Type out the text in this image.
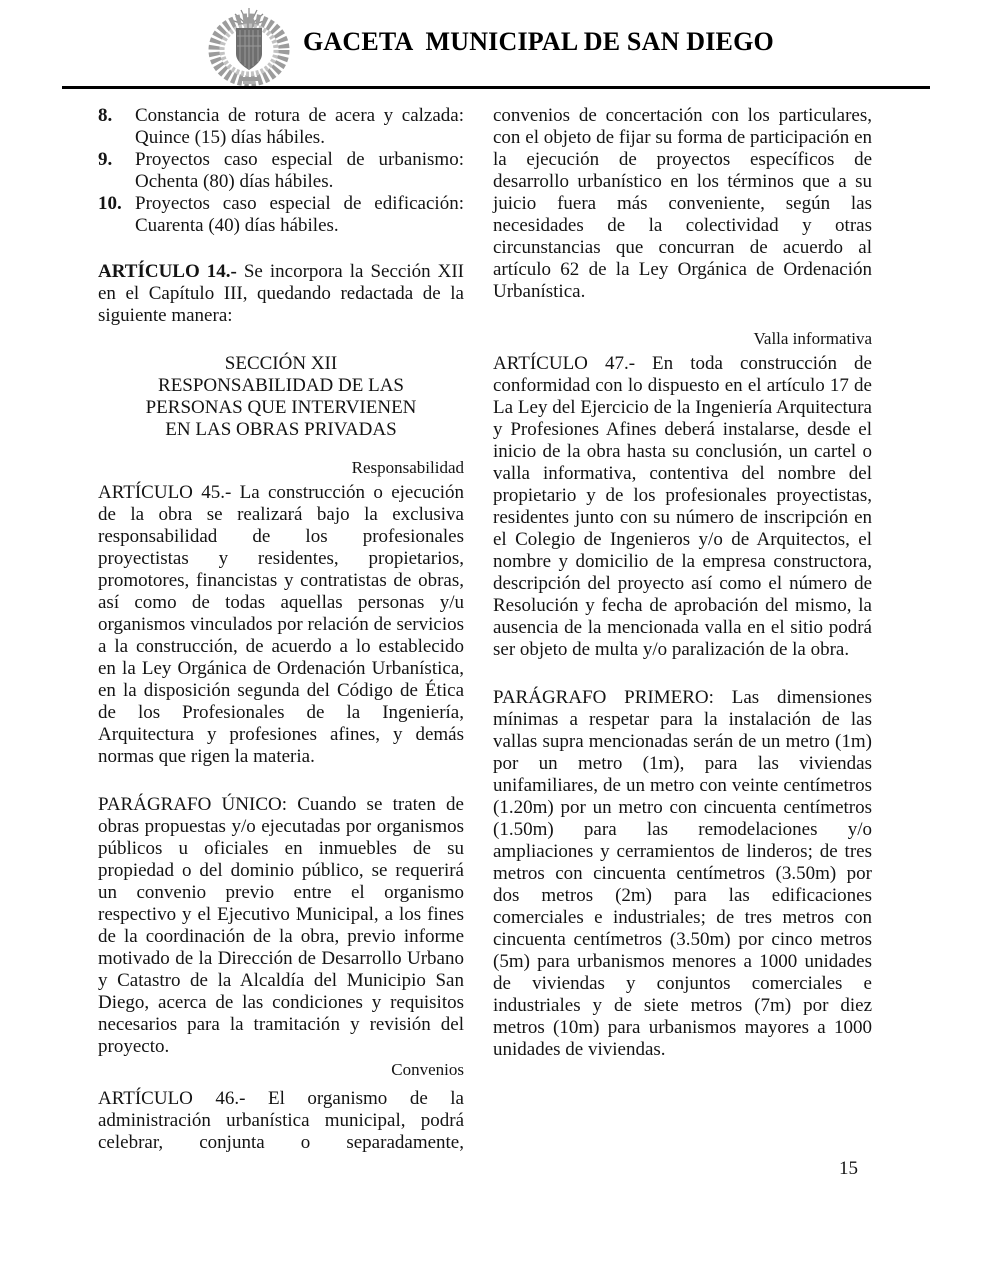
GACETA  MUNICIPAL DE SAN DIEGO
8. Constancia de rotura de acera y calzada: Quince (15) días hábiles.
9. Proyectos caso especial de urbanismo: Ochenta (80) días hábiles.
10. Proyectos caso especial de edificación: Cuarenta (40) días hábiles.

ARTÍCULO 14.- Se incorpora la Sección XII en el Capítulo III, quedando redactada de la siguiente manera:

SECCIÓN XII
RESPONSABILIDAD DE LAS
PERSONAS QUE INTERVIENEN
EN LAS OBRAS PRIVADAS
Responsabilidad

ARTÍCULO 45.- La construcción o ejecución de la obra se realizará bajo la exclusiva responsabilidad de los profesionales proyectistas y residentes, propietarios, promotores, financistas y contratistas de obras, así como de todas aquellas personas y/u organismos vinculados por relación de servicios a la construcción, de acuerdo a lo establecido en la Ley Orgánica de Ordenación Urbanística, en la disposición segunda del Código de Ética de los Profesionales de la Ingeniería, Arquitectura y profesiones afines, y demás normas que rigen la materia.

PARÁGRAFO ÚNICO: Cuando se traten de obras propuestas y/o ejecutadas por organismos públicos u oficiales en inmuebles de su propiedad o del dominio público, se requerirá un convenio previo entre el organismo respectivo y el Ejecutivo Municipal, a los fines de la coordinación de la obra, previo informe motivado de la Dirección de Desarrollo Urbano y Catastro de la Alcaldía del Municipio San Diego, acerca de las condiciones y requisitos necesarios para la tramitación y revisión del proyecto.

Convenios

ARTÍCULO 46.- El organismo de la administración urbanística municipal, podrá celebrar, conjunta o separadamente,

convenios de concertación con los particulares, con el objeto de fijar su forma de participación en la ejecución de proyectos específicos de desarrollo urbanístico en los términos que a su juicio fuera más conveniente, según las necesidades de la colectividad y otras circunstancias que concurran de acuerdo al artículo 62 de la Ley Orgánica de Ordenación Urbanística.

Valla informativa

ARTÍCULO 47.- En toda construcción de conformidad con lo dispuesto en el artículo 17 de La Ley del Ejercicio de la Ingeniería Arquitectura y Profesiones Afines deberá instalarse, desde el inicio de la obra hasta su conclusión, un cartel o valla informativa, contentiva del nombre del propietario y de los profesionales proyectistas, residentes junto con su número de inscripción en el Colegio de Ingenieros y/o de Arquitectos, el nombre y domicilio de la empresa constructora, descripción del proyecto así como el número de Resolución y fecha de aprobación del mismo, la ausencia de la mencionada valla en el sitio podrá ser objeto de multa y/o paralización de la obra.

PARÁGRAFO PRIMERO: Las dimensiones mínimas a respetar para la instalación de las vallas supra mencionadas serán de un metro (1m) por un metro (1m), para las viviendas unifamiliares, de un metro con veinte centímetros (1.20m) por un metro con cincuenta centímetros (1.50m) para las remodelaciones y/o ampliaciones y cerramientos de linderos; de tres metros con cincuenta centímetros (3.50m) por dos metros (2m) para las edificaciones comerciales e industriales; de tres metros con cincuenta centímetros (3.50m) por cinco metros (5m) para urbanismos menores a 1000 unidades de viviendas y conjuntos comerciales e industriales y de siete metros (7m) por diez metros (10m) para urbanismos mayores a 1000 unidades de viviendas.

15
